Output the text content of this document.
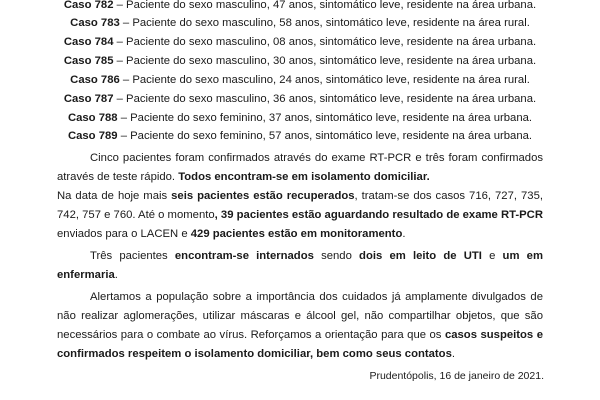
Caso 782 – Paciente do sexo masculino, 47 anos, sintomático leve, residente na área urbana.
Caso 783 – Paciente do sexo masculino, 58 anos, sintomático leve, residente na área rural.
Caso 784 – Paciente do sexo masculino, 08 anos, sintomático leve, residente na área urbana.
Caso 785 – Paciente do sexo masculino, 30 anos, sintomático leve, residente na área urbana.
Caso 786 – Paciente do sexo masculino, 24 anos, sintomático leve, residente na área rural.
Caso 787 – Paciente do sexo masculino, 36 anos, sintomático leve, residente na área urbana.
Caso 788 – Paciente do sexo feminino, 37 anos, sintomático leve, residente na área urbana.
Caso 789 – Paciente do sexo feminino, 57 anos, sintomático leve, residente na área urbana.
Cinco pacientes foram confirmados através do exame RT-PCR e três foram confirmados
através de teste rápido. Todos encontram-se em isolamento domiciliar.
Na data de hoje mais seis pacientes estão recuperados, tratam-se dos casos 716, 727, 735,
742, 757 e 760. Até o momento, 39 pacientes estão aguardando resultado de exame RT-PCR
enviados para o LACEN e 429 pacientes estão em monitoramento.
Três pacientes encontram-se internados sendo dois em leito de UTI e um em
enfermaria.
Alertamos a população sobre a importância dos cuidados já amplamente divulgados de
não realizar aglomerações, utilizar máscaras e álcool gel, não compartilhar objetos, que são
necessários para o combate ao vírus. Reforçamos a orientação para que os casos suspeitos e
confirmados respeitem o isolamento domiciliar, bem como seus contatos.
Prudentópolis, 16 de janeiro de 2021.
